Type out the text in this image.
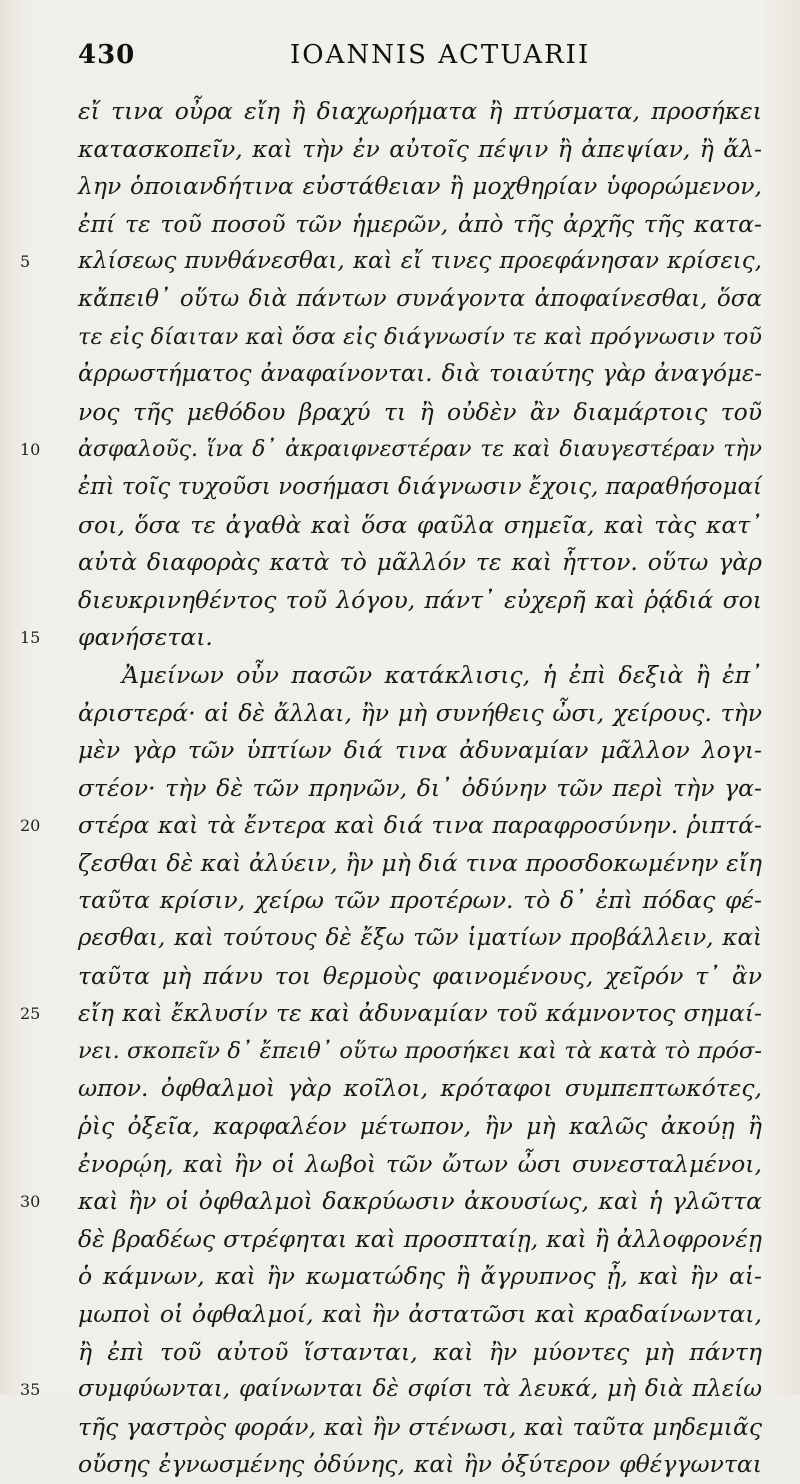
430	IOANNIS ACTUARII
εἴ τινα οὖρα εἴη ἢ διαχωρήματα ἢ πτύσματα, προσήκει
κατασκοπεῖν, καὶ τὴν ἐν αὐτοῖς πέψιν ἢ ἀπεψίαν, ἢ ἄλ-
λην ὁποιανδήτινα εὐστάθειαν ἢ μοχθηρίαν ὑφορώμενον,
ἐπί τε τοῦ ποσοῦ τῶν ἡμερῶν, ἀπὸ τῆς ἀρχῆς τῆς κατα-
5	κλίσεως πυνθάνεσθαι, καὶ εἴ τινες προεφάνησαν κρίσεις,
κἄπειθ᾽ οὕτω διὰ πάντων συνάγοντα ἀποφαίνεσθαι, ὅσα
τε εἰς δίαιταν καὶ ὅσα εἰς διάγνωσίν τε καὶ πρόγνωσιν τοῦ
ἀρρωστήματος ἀναφαίνονται. διὰ τοιαύτης γὰρ ἀναγόμε-
νος τῆς μεθόδου βραχύ τι ἢ οὐδὲν ἂν διαμάρτοις τοῦ
10	ἀσφαλοῦς. ἵνα δ᾽ ἀκραιφνεστέραν τε καὶ διαυγεστέραν τὴν
ἐπὶ τοῖς τυχοῦσι νοσήμασι διάγνωσιν ἔχοις, παραθήσομαί
σοι, ὅσα τε ἀγαθὰ καὶ ὅσα φαῦλα σημεῖα, καὶ τὰς κατ᾽
αὐτὰ διαφορὰς κατὰ τὸ μᾶλλόν τε καὶ ἧττον. οὕτω γὰρ
διευκρινηθέντος τοῦ λόγου, πάντ᾽ εὐχερῆ καὶ ῥᾴδιά σοι
15	φανήσεται.
Ἀμείνων οὖν πασῶν κατάκλισις, ἡ ἐπὶ δεξιὰ ἢ ἐπ᾽
ἀριστερά· αἱ δὲ ἄλλαι, ἢν μὴ συνήθεις ὦσι, χείρους. τὴν
μὲν γὰρ τῶν ὑπτίων διά τινα ἀδυναμίαν μᾶλλον λογι-
στέον· τὴν δὲ τῶν πρηνῶν, δι᾽ ὀδύνην τῶν περὶ τὴν γα-
20	στέρα καὶ τὰ ἔντερα καὶ διά τινα παραφροσύνην. ῥιπτά-
ζεσθαι δὲ καὶ ἀλύειν, ἢν μὴ διά τινα προσδοκωμένην εἴη
ταῦτα κρίσιν, χείρω τῶν προτέρων. τὸ δ᾽ ἐπὶ πόδας φέ-
ρεσθαι, καὶ τούτους δὲ ἔξω τῶν ἱματίων προβάλλειν, καὶ
ταῦτα μὴ πάνυ τοι θερμοὺς φαινομένους, χεῖρόν τ᾽ ἂν
25	εἴη καὶ ἔκλυσίν τε καὶ ἀδυναμίαν τοῦ κάμνοντος σημαί-
νει. σκοπεῖν δ᾽ ἔπειθ᾽ οὕτω προσήκει καὶ τὰ κατὰ τὸ πρόσ-
ωπον. ὀφθαλμοὶ γὰρ κοῖλοι, κρόταφοι συμπεπτωκότες,
ῥὶς ὀξεῖα, καρφαλέον μέτωπον, ἢν μὴ καλῶς ἀκούῃ ἢ
ἐνορῴη, καὶ ἢν οἱ λωβοὶ τῶν ὤτων ὦσι συνεσταλμένοι,
30	καὶ ἢν οἱ ὀφθαλμοὶ δακρύωσιν ἀκουσίως, καὶ ἡ γλῶττα
δὲ βραδέως στρέφηται καὶ προσπταίῃ, καὶ ἢ ἀλλοφρονέῃ
ὁ κάμνων, καὶ ἢν κωματώδης ἢ ἄγρυπνος ᾖ, καὶ ἢν αἱ-
μωποὶ οἱ ὀφθαλμοί, καὶ ἢν ἀστατῶσι καὶ κραδαίνωνται,
ἢ ἐπὶ τοῦ αὐτοῦ ἵστανται, καὶ ἢν μύοντες μὴ πάντη
35	συμφύωνται, φαίνωνται δὲ σφίσι τὰ λευκά, μὴ διὰ πλείω
τῆς γαστρὸς φοράν, καὶ ἢν στένωσι, καὶ ταῦτα μηδεμιᾶς
οὔσης ἐγνωσμένης ὀδύνης, καὶ ἢν ὀξύτερον φθέγγωνται
